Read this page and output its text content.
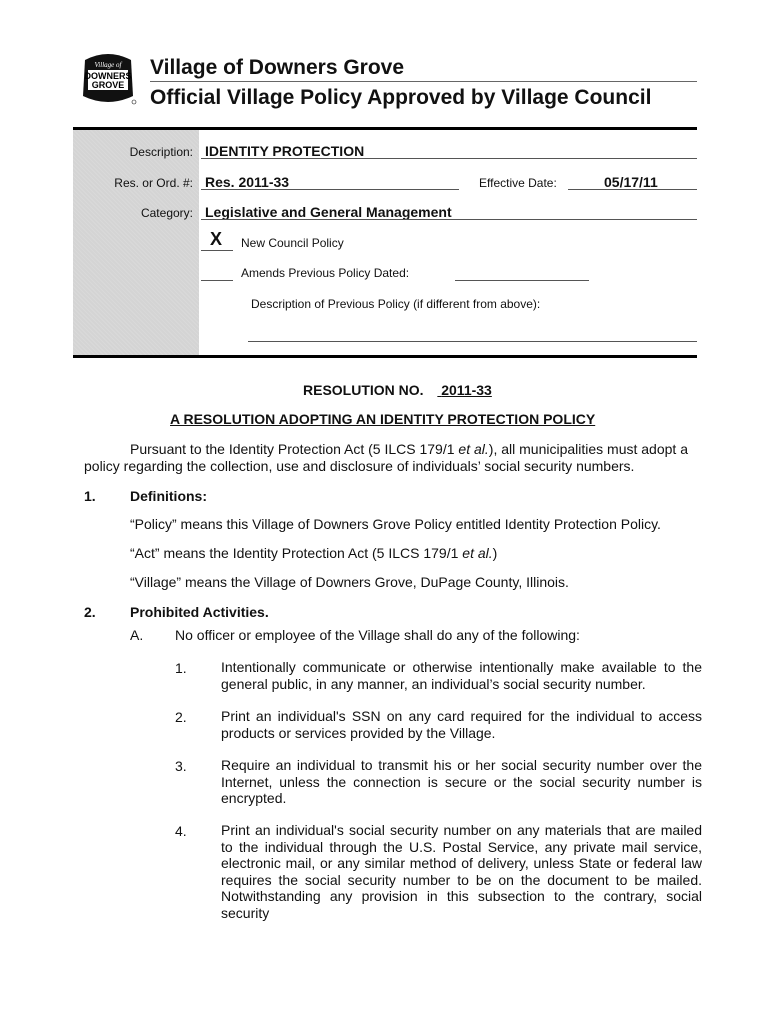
Village of
DOWNERS
GROVE
Village of Downers Grove
Official Village Policy Approved by Village Council
Description: IDENTITY PROTECTION
Res. or Ord. #: Res. 2011-33	Effective Date:	05/17/11
Category: Legislative and General Management
X New Council Policy
Amends Previous Policy Dated:
Description of Previous Policy (if different from above):
RESOLUTION NO. 2011-33
A RESOLUTION ADOPTING AN IDENTITY PROTECTION POLICY
Pursuant to the Identity Protection Act (5 ILCS 179/1 et al.), all municipalities must adopt a
policy regarding the collection, use and disclosure of individuals’ social security numbers.
1. Definitions:
“Policy” means this Village of Downers Grove Policy entitled Identity Protection Policy.
“Act” means the Identity Protection Act (5 ILCS 179/1 et al.)
“Village” means the Village of Downers Grove, DuPage County, Illinois.
2. Prohibited Activities.
A. No officer or employee of the Village shall do any of the following:
1. Intentionally communicate or otherwise intentionally make available to the general public, in any manner, an individual’s social security number.
2. Print an individual's SSN on any card required for the individual to access products or services provided by the Village.
3. Require an individual to transmit his or her social security number over the Internet, unless the connection is secure or the social security number is encrypted.
4. Print an individual's social security number on any materials that are mailed to the individual through the U.S. Postal Service, any private mail service, electronic mail, or any similar method of delivery, unless State or federal law requires the social security number to be on the document to be mailed. Notwithstanding any provision in this subsection to the contrary, social security
